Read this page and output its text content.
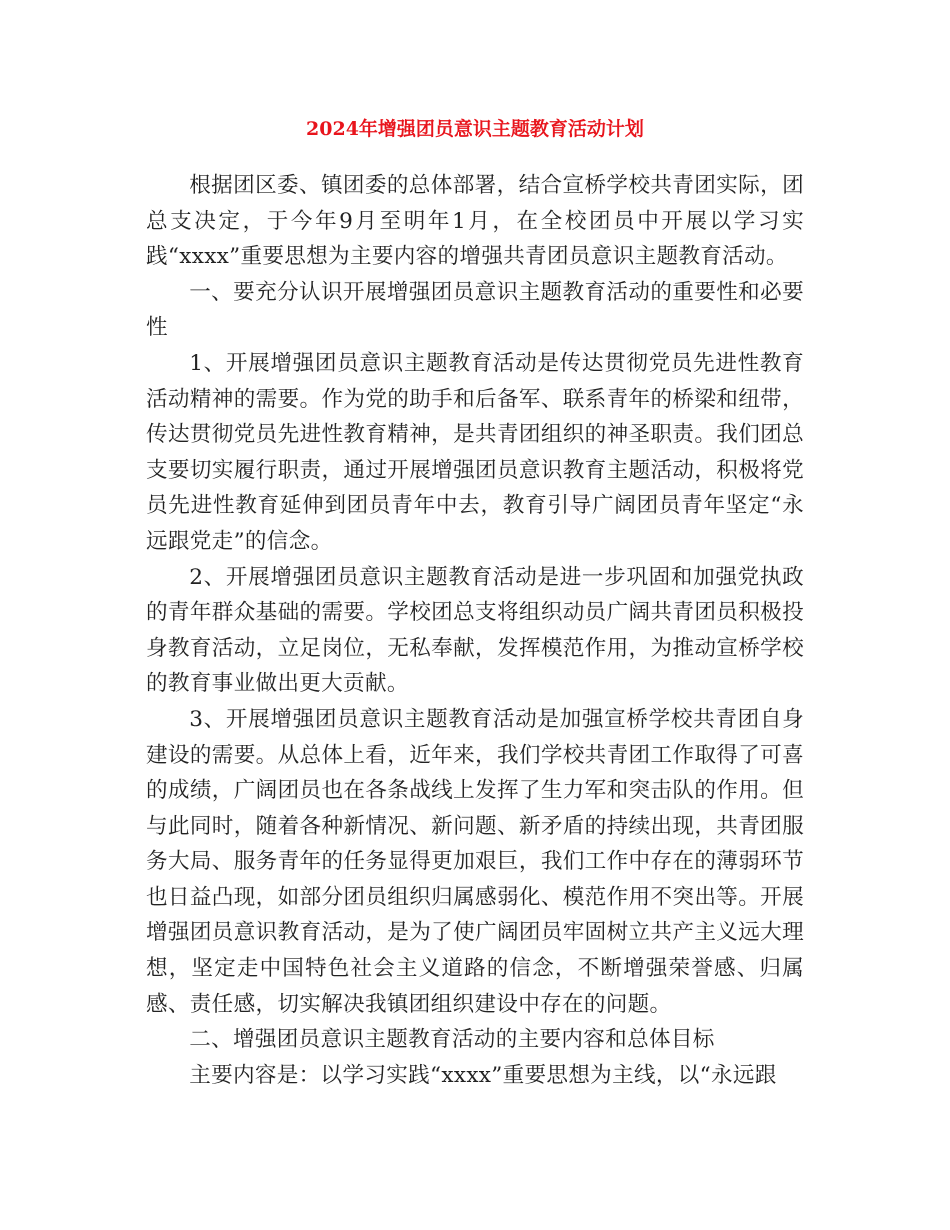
2024年增强团员意识主题教育活动计划

根据团区委、镇团委的总体部署，结合宣桥学校共青团实际，团总支决定，于今年9月至明年1月，在全校团员中开展以学习实践“xxxx”重要思想为主要内容的增强共青团员意识主题教育活动。

一、要充分认识开展增强团员意识主题教育活动的重要性和必要性

1、开展增强团员意识主题教育活动是传达贯彻党员先进性教育活动精神的需要。作为党的助手和后备军、联系青年的桥梁和纽带，传达贯彻党员先进性教育精神，是共青团组织的神圣职责。我们团总支要切实履行职责，通过开展增强团员意识教育主题活动，积极将党员先进性教育延伸到团员青年中去，教育引导广阔团员青年坚定“永远跟党走”的信念。

2、开展增强团员意识主题教育活动是进一步巩固和加强党执政的青年群众基础的需要。学校团总支将组织动员广阔共青团员积极投身教育活动，立足岗位，无私奉献，发挥模范作用，为推动宣桥学校的教育事业做出更大贡献。

3、开展增强团员意识主题教育活动是加强宣桥学校共青团自身建设的需要。从总体上看，近年来，我们学校共青团工作取得了可喜的成绩，广阔团员也在各条战线上发挥了生力军和突击队的作用。但与此同时，随着各种新情况、新问题、新矛盾的持续出现，共青团服务大局、服务青年的任务显得更加艰巨，我们工作中存在的薄弱环节也日益凸现，如部分团员组织归属感弱化、模范作用不突出等。开展增强团员意识教育活动，是为了使广阔团员牢固树立共产主义远大理想，坚定走中国特色社会主义道路的信念，不断增强荣誉感、归属感、责任感，切实解决我镇团组织建设中存在的问题。

二、增强团员意识主题教育活动的主要内容和总体目标

主要内容是：以学习实践“xxxx”重要思想为主线，以“永远跟
